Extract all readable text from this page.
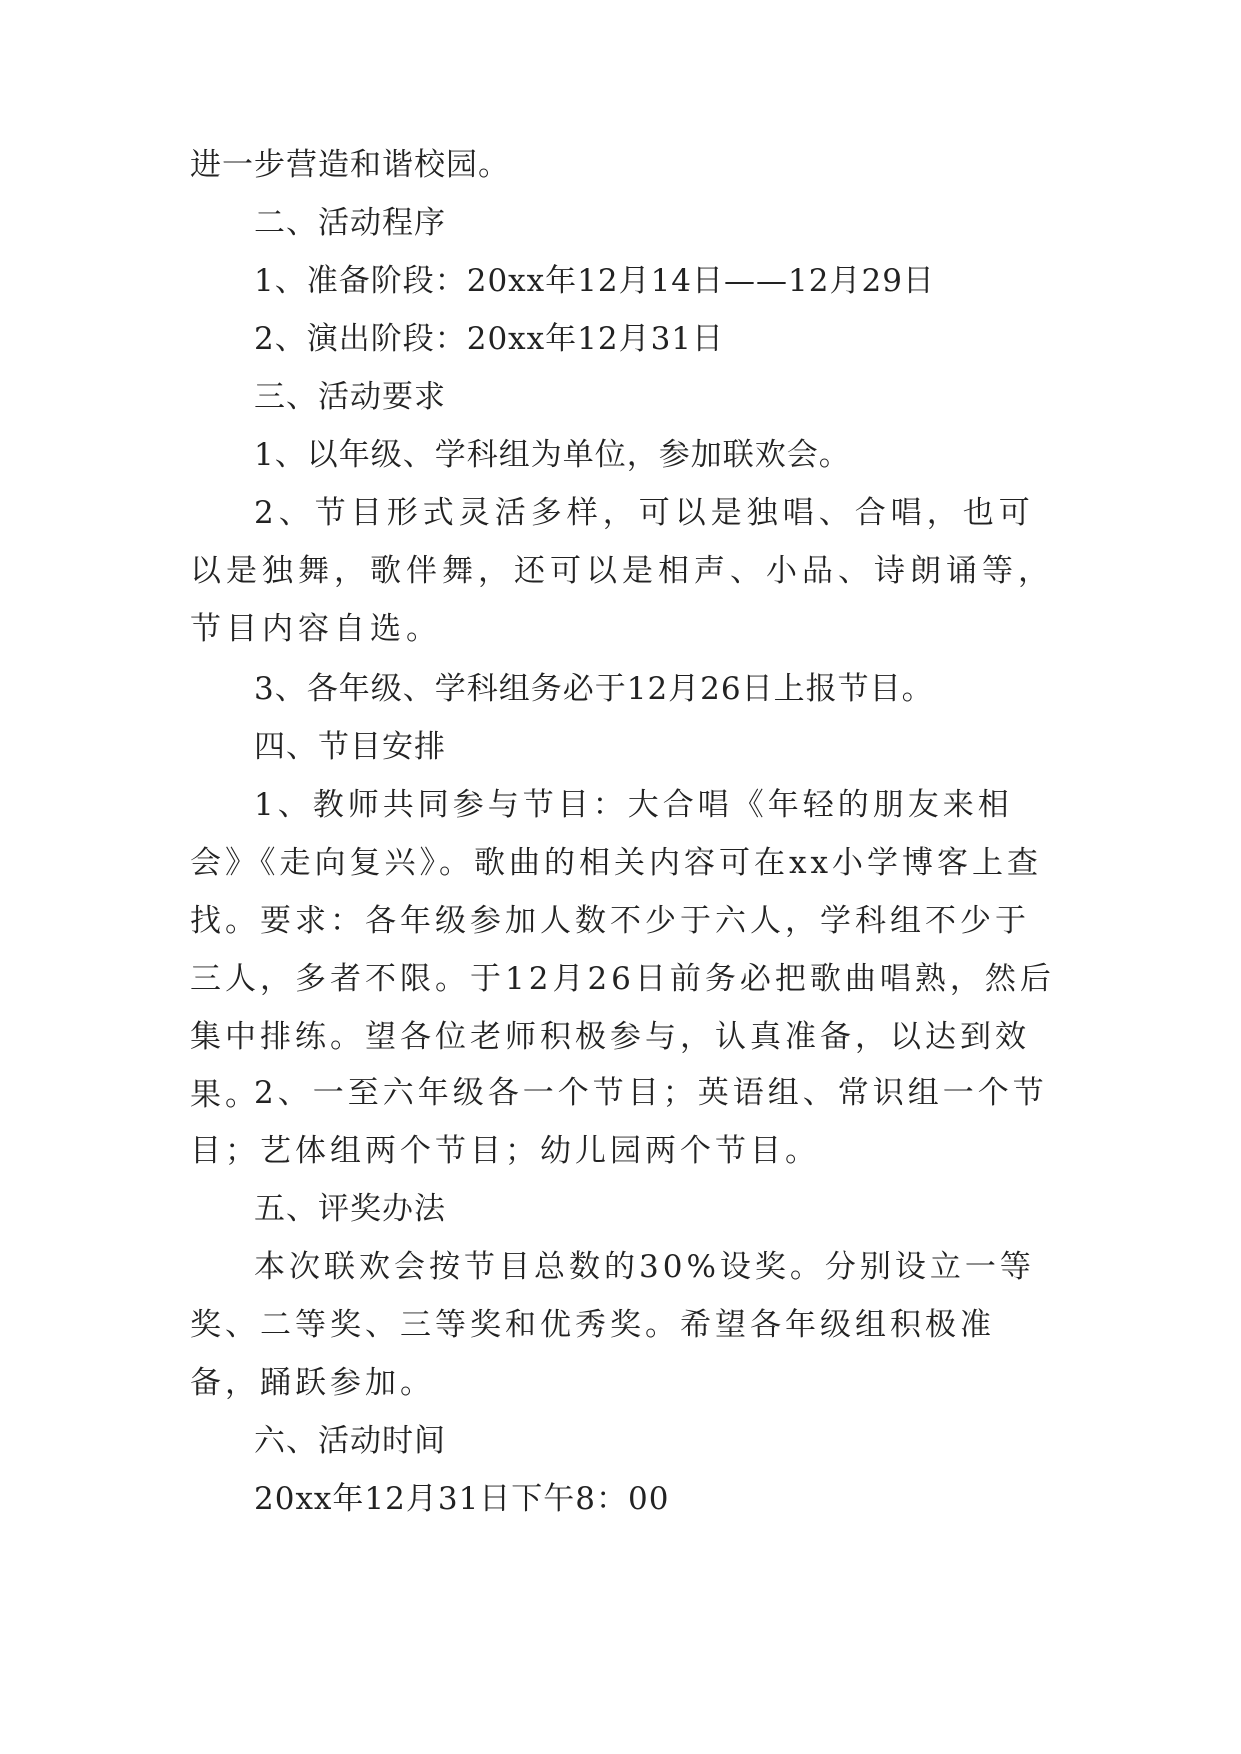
进一步营造和谐校园。

二、活动程序

1、准备阶段：20xx年12月14日——12月29日

2、演出阶段：20xx年12月31日

三、活动要求

1、以年级、学科组为单位，参加联欢会。

2、节目形式灵活多样，可以是独唱、合唱，也可以是独舞，歌伴舞，还可以是相声、小品、诗朗诵等，节目内容自选。

3、各年级、学科组务必于12月26日上报节目。

四、节目安排

1、教师共同参与节目：大合唱《年轻的朋友来相会》《走向复兴》。歌曲的相关内容可在xx小学博客上查找。要求：各年级参加人数不少于六人，学科组不少于三人，多者不限。于12月26日前务必把歌曲唱熟，然后集中排练。望各位老师积极参与，认真准备，以达到效果。

2、一至六年级各一个节目；英语组、常识组一个节目；艺体组两个节目；幼儿园两个节目。

五、评奖办法

本次联欢会按节目总数的30%设奖。分别设立一等奖、二等奖、三等奖和优秀奖。希望各年级组积极准备，踊跃参加。

六、活动时间

20xx年12月31日下午8：00
